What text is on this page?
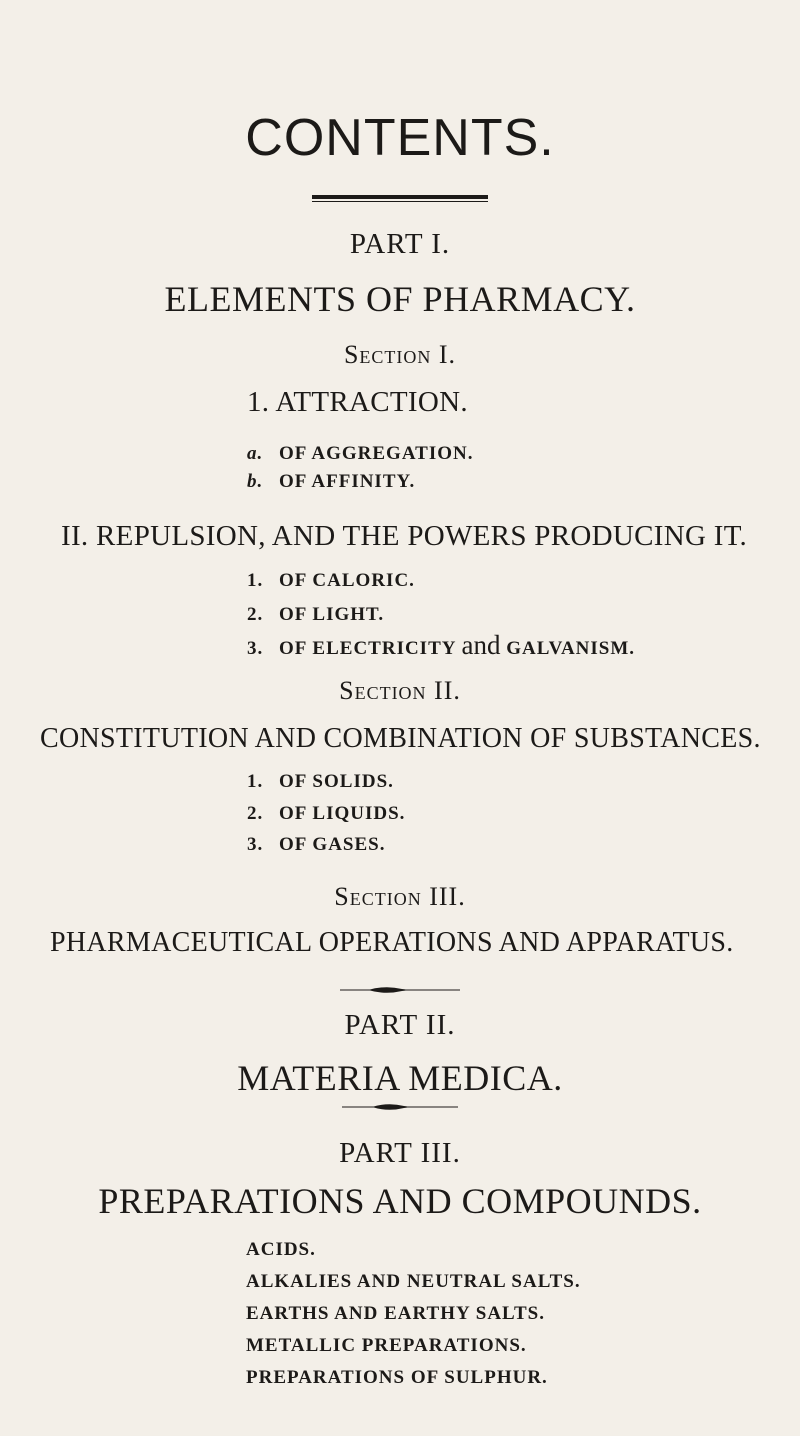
CONTENTS.
PART I.
ELEMENTS OF PHARMACY.
Section I.
1. ATTRACTION.
a. OF AGGREGATION.
b. OF AFFINITY.
II. REPULSION, AND THE POWERS PRODUCING IT.
1. OF CALORIC.
2. OF LIGHT.
3. OF ELECTRICITY and GALVANISM.
Section II.
CONSTITUTION AND COMBINATION OF SUBSTANCES.
1. OF SOLIDS.
2. OF LIQUIDS.
3. OF GASES.
Section III.
PHARMACEUTICAL OPERATIONS AND APPARATUS.
PART II.
MATERIA MEDICA.
PART III.
PREPARATIONS AND COMPOUNDS.
ACIDS.
ALKALIES AND NEUTRAL SALTS.
EARTHS AND EARTHY SALTS.
METALLIC PREPARATIONS.
PREPARATIONS OF SULPHUR.
